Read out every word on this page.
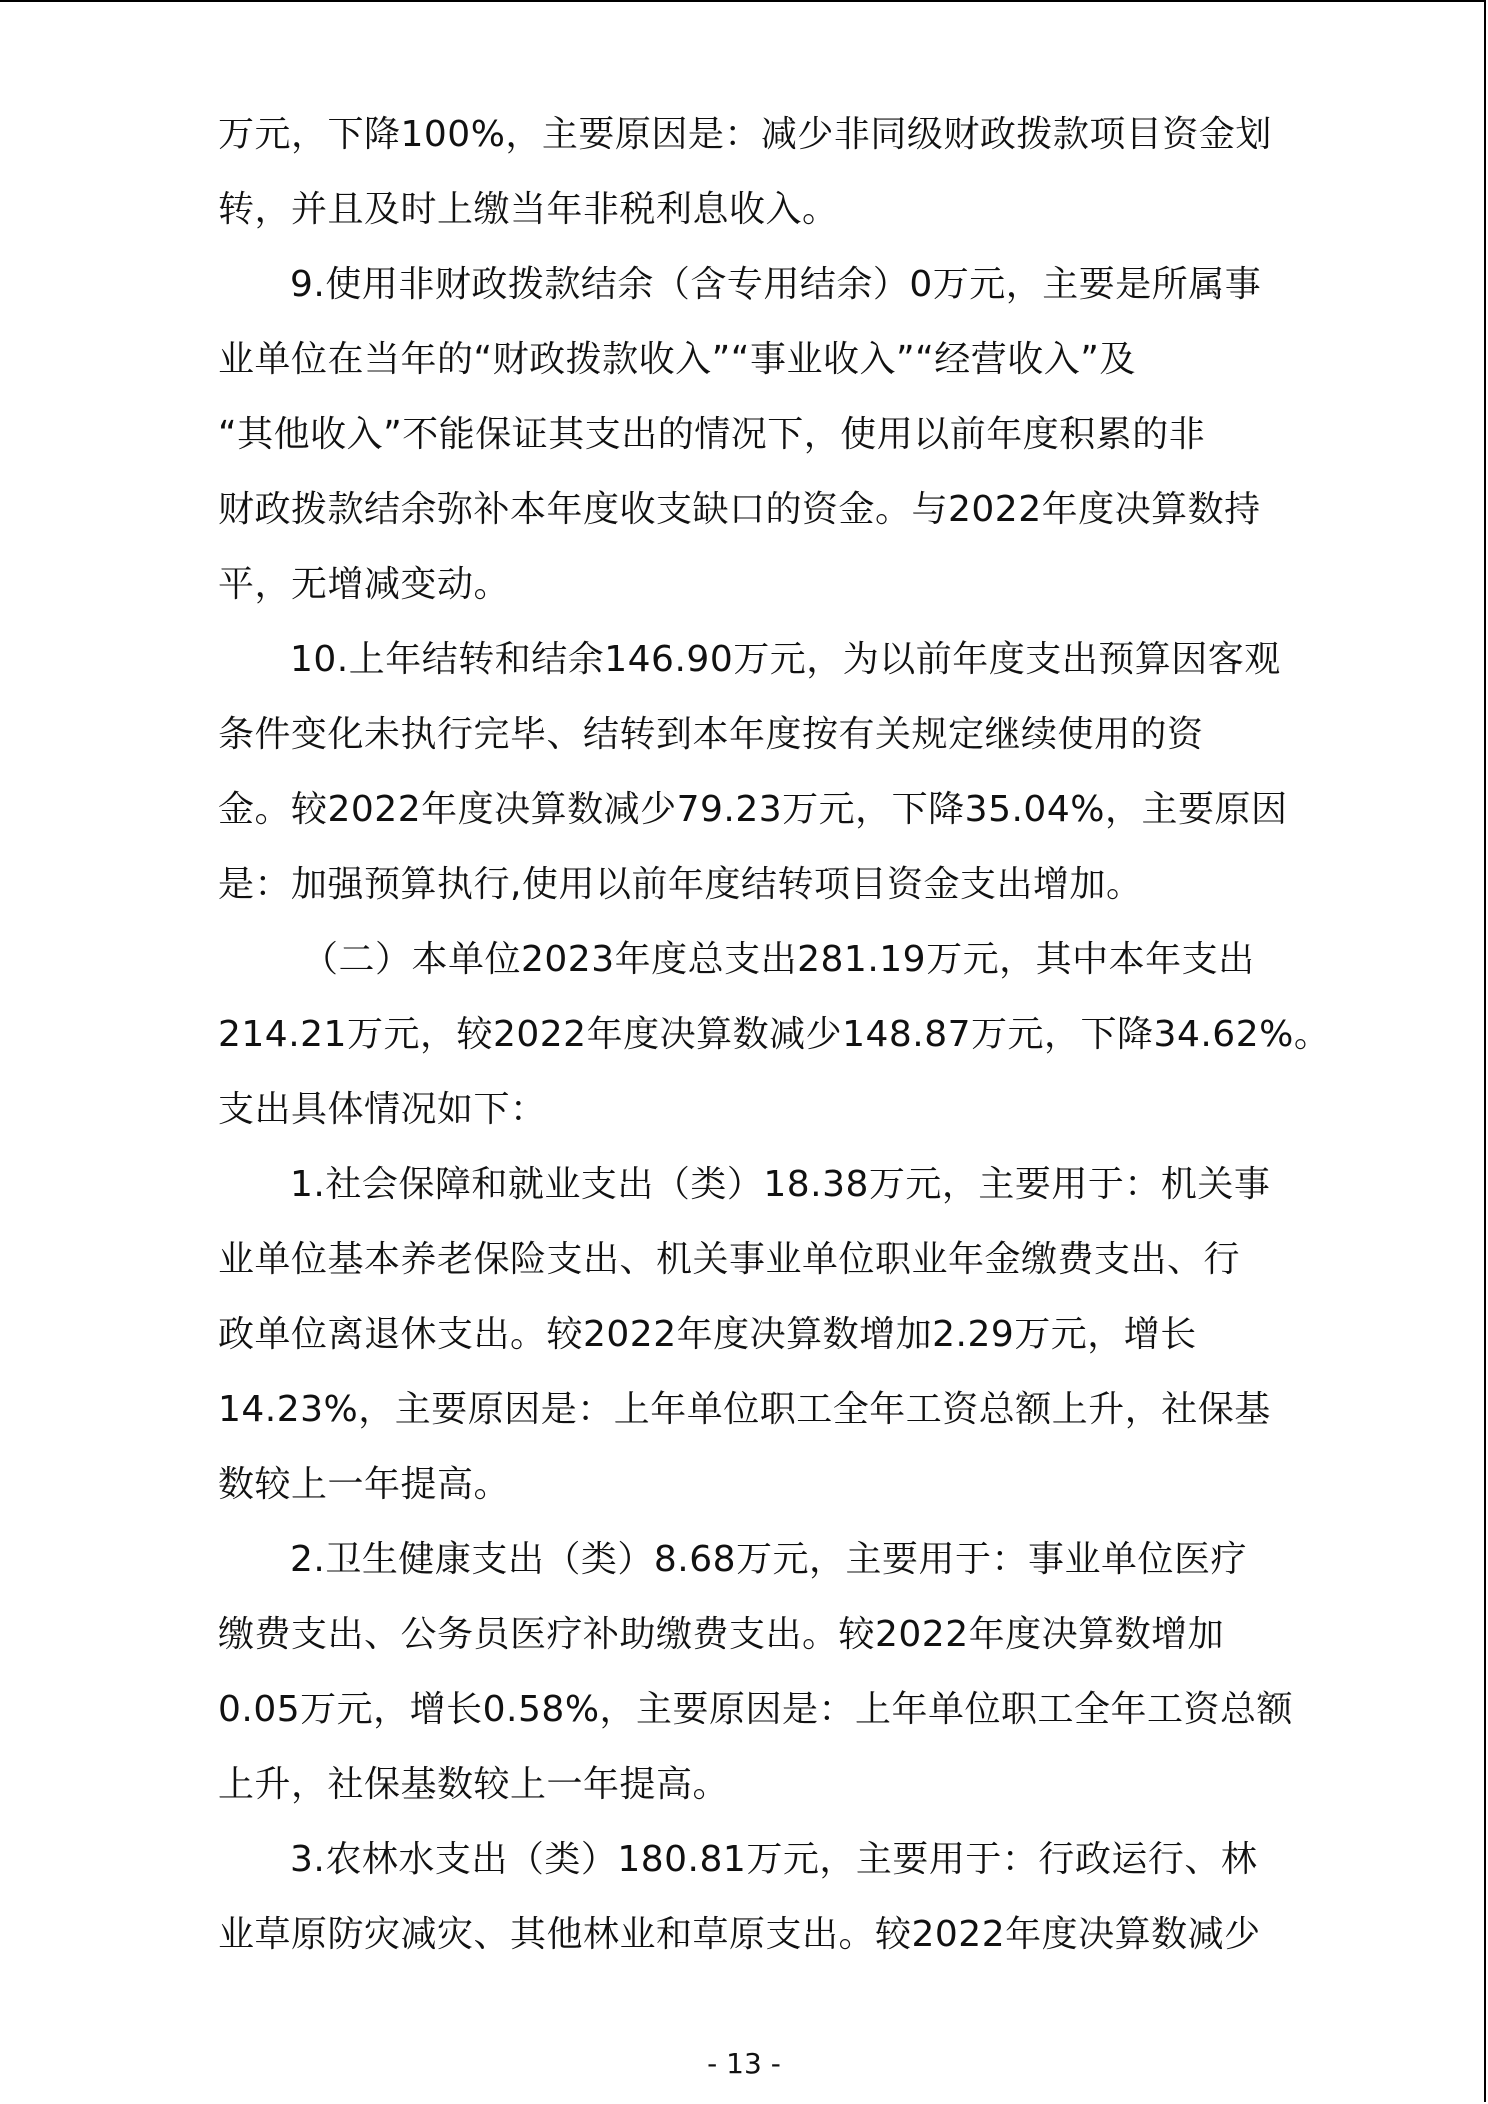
万元，下降100%，主要原因是：减少非同级财政拨款项目资金划
转，并且及时上缴当年非税利息收入。
9.使用非财政拨款结余（含专用结余）0万元，主要是所属事
业单位在当年的“财政拨款收入”“事业收入”“经营收入”及
“其他收入”不能保证其支出的情况下，使用以前年度积累的非
财政拨款结余弥补本年度收支缺口的资金。与2022年度决算数持
平，无增减变动。
10.上年结转和结余146.90万元，为以前年度支出预算因客观
条件变化未执行完毕、结转到本年度按有关规定继续使用的资
金。较2022年度决算数减少79.23万元，下降35.04%，主要原因
是：加强预算执行,使用以前年度结转项目资金支出增加。
（二）本单位2023年度总支出281.19万元，其中本年支出
214.21万元，较2022年度决算数减少148.87万元，下降34.62%。
支出具体情况如下：
1.社会保障和就业支出（类）18.38万元，主要用于：机关事
业单位基本养老保险支出、机关事业单位职业年金缴费支出、行
政单位离退休支出。较2022年度决算数增加2.29万元，增长
14.23%，主要原因是：上年单位职工全年工资总额上升，社保基
数较上一年提高。
2.卫生健康支出（类）8.68万元，主要用于：事业单位医疗
缴费支出、公务员医疗补助缴费支出。较2022年度决算数增加
0.05万元，增长0.58%，主要原因是：上年单位职工全年工资总额
上升，社保基数较上一年提高。
3.农林水支出（类）180.81万元，主要用于：行政运行、林
业草原防灾减灾、其他林业和草原支出。较2022年度决算数减少
- 13 -
